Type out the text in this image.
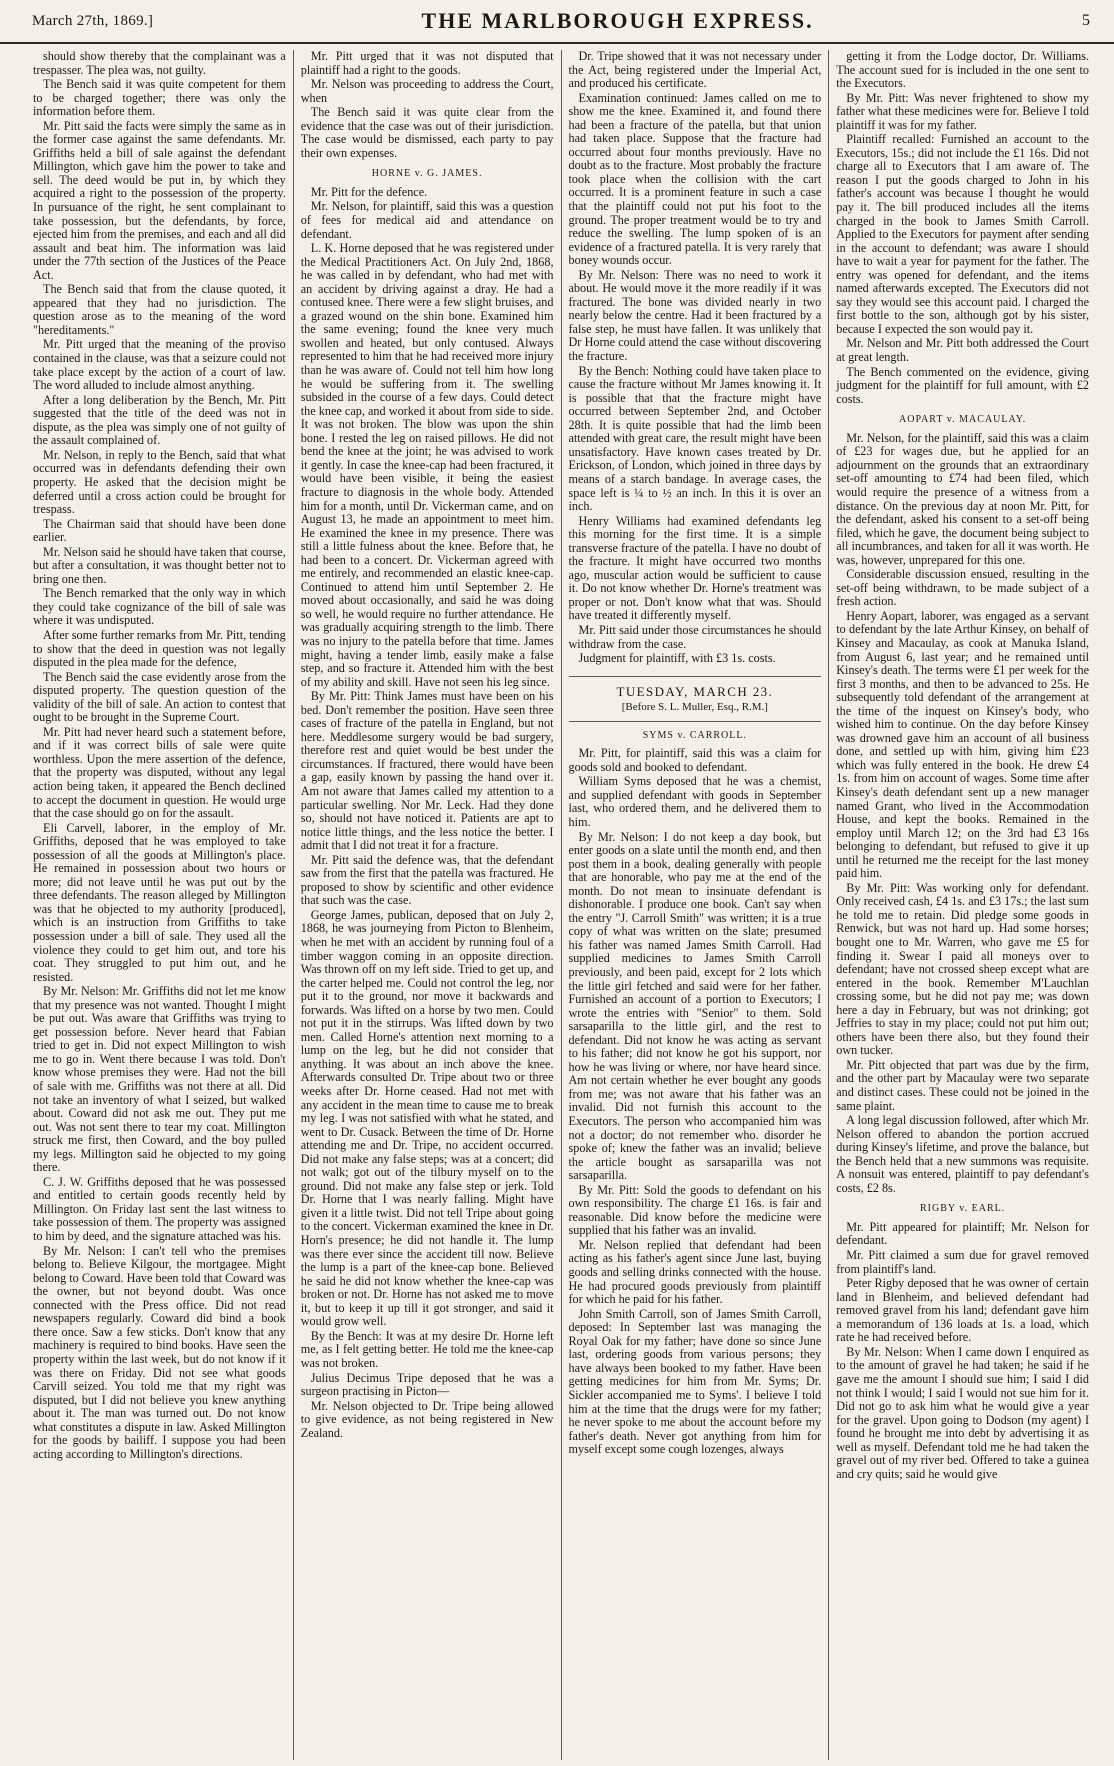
March 27th, 1869.]	THE MARLBOROUGH EXPRESS.	5

should show thereby that the complainant was a trespasser. The plea was, not guilty.

The Bench said it was quite competent for them to be charged together; there was only the information before them.

Mr. Pitt said the facts were simply the same as in the former case against the same defendants. Mr. Griffiths held a bill of sale against the defendant Millington, which gave him the power to take and sell. The deed would be put in, by which they acquired a right to the possession of the property. In pursuance of the right, he sent complainant to take possession, but the defendants, by force, ejected him from the premises, and each and all did assault and beat him. The information was laid under the 77th section of the Justices of the Peace Act.

The Bench said that from the clause quoted, it appeared that they had no jurisdiction. The question arose as to the meaning of the word "hereditaments."

Mr. Pitt urged that the meaning of the proviso contained in the clause, was that a seizure could not take place except by the action of a court of law. The word alluded to include almost anything.

After a long deliberation by the Bench, Mr. Pitt suggested that the title of the deed was not in dispute, as the plea was simply one of not guilty of the assault complained of.

Mr. Nelson, in reply to the Bench, said that what occurred was in defendants defending their own property. He asked that the decision might be deferred until a cross action could be brought for trespass.

The Chairman said that should have been done earlier.

Mr. Nelson said he should have taken that course, but after a consultation, it was thought better not to bring one then.

The Bench remarked that the only way in which they could take cognizance of the bill of sale was where it was undisputed.

After some further remarks from Mr. Pitt, tending to show that the deed in question was not legally disputed in the plea made for the defence,

The Bench said the case evidently arose from the disputed property. The question question of the validity of the bill of sale. An action to contest that ought to be brought in the Supreme Court.

Mr. Pitt had never heard such a statement before, and if it was correct bills of sale were quite worthless. Upon the mere assertion of the defence, that the property was disputed, without any legal action being taken, it appeared the Bench declined to accept the document in question. He would urge that the case should go on for the assault.

Eli Carvell, laborer, in the employ of Mr. Griffiths, deposed that he was employed to take possession of all the goods at Millington's place. He remained in possession about two hours or more; did not leave until he was put out by the three defendants. The reason alleged by Millington was that he objected to my authority [produced], which is an instruction from Griffiths to take possession under a bill of sale. They used all the violence they could to get him out, and tore his coat. They struggled to put him out, and he resisted.

By Mr. Nelson: Mr. Griffiths did not let me know that my presence was not wanted. Thought I might be put out. Was aware that Griffiths was trying to get possession before. Never heard that Fabian tried to get in. Did not expect Millington to wish me to go in. Went there because I was told. Don't know whose premises they were. Had not the bill of sale with me. Griffiths was not there at all. Did not take an inventory of what I seized, but walked about. Coward did not ask me out. They put me out. Was not sent there to tear my coat. Millington struck me first, then Coward, and the boy pulled my legs. Millington said he objected to my going there.

C. J. W. Griffiths deposed that he was possessed and entitled to certain goods recently held by Millington. On Friday last sent the last witness to take possession of them. The property was assigned to him by deed, and the signature attached was his.

By Mr. Nelson: I can't tell who the premises belong to. Believe Kilgour, the mortgagee. Might belong to Coward. Have been told that Coward was the owner, but not beyond doubt. Was once connected with the Press office. Did not read newspapers regularly. Coward did bind a book there once. Saw a few sticks. Don't know that any machinery is required to bind books. Have seen the property within the last week, but do not know if it was there on Friday. Did not see what goods Carvill seized. You told me that my right was disputed, but I did not believe you knew anything about it. The man was turned out. Do not know what constitutes a dispute in law. Asked Millington for the goods by bailiff. I suppose you had been acting according to Millington's directions.

Mr. Pitt urged that it was not disputed that plaintiff had a right to the goods.

Mr. Nelson was proceeding to address the Court, when

The Bench said it was quite clear from the evidence that the case was out of their jurisdiction. The case would be dismissed, each party to pay their own expenses.

HORNE v. G. JAMES.

Mr. Pitt for the defence.

Mr. Nelson, for plaintiff, said this was a question of fees for medical aid and attendance on defendant.

L. K. Horne deposed that he was registered under the Medical Practitioners Act. On July 2nd, 1868, he was called in by defendant, who had met with an accident by driving against a dray. He had a contused knee. There were a few slight bruises, and a grazed wound on the shin bone. Examined him the same evening; found the knee very much swollen and heated, but only contused. Always represented to him that he had received more injury than he was aware of. Could not tell him how long he would be suffering from it. The swelling subsided in the course of a few days. Could detect the knee cap, and worked it about from side to side. It was not broken. The blow was upon the shin bone. I rested the leg on raised pillows. He did not bend the knee at the joint; he was advised to work it gently. In case the knee-cap had been fractured, it would have been visible, it being the easiest fracture to diagnosis in the whole body. Attended him for a month, until Dr. Vickerman came, and on August 13, he made an appointment to meet him. He examined the knee in my presence. There was still a little fulness about the knee. Before that, he had been to a concert. Dr. Vickerman agreed with me entirely, and recommended an elastic knee-cap. Continued to attend him until September 2. He moved about occasionally, and said he was doing so well, he would require no further attendance. He was gradually acquiring strength to the limb. There was no injury to the patella before that time. James might, having a tender limb, easily make a false step, and so fracture it. Attended him with the best of my ability and skill. Have not seen his leg since.

By Mr. Pitt: Think James must have been on his bed. Don't remember the position. Have seen three cases of fracture of the patella in England, but not here. Meddlesome surgery would be bad surgery, therefore rest and quiet would be best under the circumstances. If fractured, there would have been a gap, easily known by passing the hand over it. Am not aware that James called my attention to a particular swelling. Nor Mr. Leck. Had they done so, should not have noticed it. Patients are apt to notice little things, and the less notice the better. I admit that I did not treat it for a fracture.

Mr. Pitt said the defence was, that the defendant saw from the first that the patella was fractured. He proposed to show by scientific and other evidence that such was the case.

George James, publican, deposed that on July 2, 1868, he was journeying from Picton to Blenheim, when he met with an accident by running foul of a timber waggon coming in an opposite direction. Was thrown off on my left side. Tried to get up, and the carter helped me. Could not control the leg, nor put it to the ground, nor move it backwards and forwards. Was lifted on a horse by two men. Could not put it in the stirrups. Was lifted down by two men. Called Horne's attention next morning to a lump on the leg, but he did not consider that anything. It was about an inch above the knee. Afterwards consulted Dr. Tripe about two or three weeks after Dr. Horne ceased. Had not met with any accident in the mean time to cause me to break my leg. I was not satisfied with what he stated, and went to Dr. Cusack. Between the time of Dr. Horne attending me and Dr. Tripe, no accident occurred. Did not make any false steps; was at a concert; did not walk; got out of the tilbury myself on to the ground. Did not make any false step or jerk. Told Dr. Horne that I was nearly falling. Might have given it a little twist. Did not tell Tripe about going to the concert. Vickerman examined the knee in Dr. Horn's presence; he did not handle it. The lump was there ever since the accident till now. Believe the lump is a part of the knee-cap bone. Believed he said he did not know whether the knee-cap was broken or not. Dr. Horne has not asked me to move it, but to keep it up till it got stronger, and said it would grow well.

By the Bench: It was at my desire Dr. Horne left me, as I felt getting better. He told me the knee-cap was not broken.

Julius Decimus Tripe deposed that he was a surgeon practising in Picton—

Mr. Nelson objected to Dr. Tripe being allowed to give evidence, as not being registered in New Zealand.

Dr. Tripe showed that it was not necessary under the Act, being registered under the Imperial Act, and produced his certificate.

Examination continued: James called on me to show me the knee. Examined it, and found there had been a fracture of the patella, but that union had taken place. Suppose that the fracture had occurred about four months previously. Have no doubt as to the fracture. Most probably the fracture took place when the collision with the cart occurred. It is a prominent feature in such a case that the plaintiff could not put his foot to the ground. The proper treatment would be to try and reduce the swelling. The lump spoken of is an evidence of a fractured patella. It is very rarely that boney wounds occur.

By Mr. Nelson: There was no need to work it about. He would move it the more readily if it was fractured. The bone was divided nearly in two nearly below the centre. Had it been fractured by a false step, he must have fallen. It was unlikely that Dr Horne could attend the case without discovering the fracture.

By the Bench: Nothing could have taken place to cause the fracture without Mr James knowing it. It is possible that that the fracture might have occurred between September 2nd, and October 28th. It is quite possible that had the limb been attended with great care, the result might have been unsatisfactory. Have known cases treated by Dr. Erickson, of London, which joined in three days by means of a starch bandage. In average cases, the space left is ¼ to ½ an inch. In this it is over an inch.

Henry Williams had examined defendants leg this morning for the first time. It is a simple transverse fracture of the patella. I have no doubt of the fracture. It might have occurred two months ago, muscular action would be sufficient to cause it. Do not know whether Dr. Horne's treatment was proper or not. Don't know what that was. Should have treated it differently myself.

Mr. Pitt said under those circumstances he should withdraw from the case.

Judgment for plaintiff, with £3 1s. costs.

TUESDAY, MARCH 23.

[Before S. L. Muller, Esq., R.M.]

SYMS v. CARROLL.

Mr. Pitt, for plaintiff, said this was a claim for goods sold and booked to defendant.

William Syms deposed that he was a chemist, and supplied defendant with goods in September last, who ordered them, and he delivered them to him.

By Mr. Nelson: I do not keep a day book, but enter goods on a slate until the month end, and then post them in a book, dealing generally with people that are honorable, who pay me at the end of the month. Do not mean to insinuate defendant is dishonorable. I produce one book. Can't say when the entry "J. Carroll Smith" was written; it is a true copy of what was written on the slate; presumed his father was named James Smith Carroll. Had supplied medicines to James Smith Carroll previously, and been paid, except for 2 lots which the little girl fetched and said were for her father. Furnished an account of a portion to Executors; I wrote the entries with "Senior" to them. Sold sarsaparilla to the little girl, and the rest to defendant. Did not know he was acting as servant to his father; did not know he got his support, nor how he was living or where, nor have heard since. Am not certain whether he ever bought any goods from me; was not aware that his father was an invalid. Did not furnish this account to the Executors. The person who accompanied him was not a doctor; do not remember who. disorder he spoke of; knew the father was an invalid; believe the article bought as sarsaparilla was not sarsaparilla.

By Mr. Pitt: Sold the goods to defendant on his own responsibility. The charge £1 16s. is fair and reasonable. Did know before the medicine were supplied that his father was an invalid.

Mr. Nelson replied that defendant had been acting as his father's agent since June last, buying goods and selling drinks connected with the house. He had procured goods previously from plaintiff for which he paid for his father.

John Smith Carroll, son of James Smith Carroll, deposed: In September last was managing the Royal Oak for my father; have done so since June last, ordering goods from various persons; they have always been booked to my father. Have been getting medicines for him from Mr. Syms; Dr. Sickler accompanied me to Syms'. I believe I told him at the time that the drugs were for my father; he never spoke to me about the account before my father's death. Never got anything from him for myself except some cough lozenges, always

getting it from the Lodge doctor, Dr. Williams. The account sued for is included in the one sent to the Executors.

By Mr. Pitt: Was never frightened to show my father what these medicines were for. Believe I told plaintiff it was for my father.

Plaintiff recalled: Furnished an account to the Executors, 15s.; did not include the £1 16s. Did not charge all to Executors that I am aware of. The reason I put the goods charged to John in his father's account was because I thought he would pay it. The bill produced includes all the items charged in the book to James Smith Carroll. Applied to the Executors for payment after sending in the account to defendant; was aware I should have to wait a year for payment for the father. The entry was opened for defendant, and the items named afterwards excepted. The Executors did not say they would see this account paid. I charged the first bottle to the son, although got by his sister, because I expected the son would pay it.

Mr. Nelson and Mr. Pitt both addressed the Court at great length.

The Bench commented on the evidence, giving judgment for the plaintiff for full amount, with £2 costs.

AOPART v. MACAULAY.

Mr. Nelson, for the plaintiff, said this was a claim of £23 for wages due, but he applied for an adjournment on the grounds that an extraordinary set-off amounting to £74 had been filed, which would require the presence of a witness from a distance. On the previous day at noon Mr. Pitt, for the defendant, asked his consent to a set-off being filed, which he gave, the document being subject to all incumbrances, and taken for all it was worth. He was, however, unprepared for this one.

Considerable discussion ensued, resulting in the set-off being withdrawn, to be made subject of a fresh action.

Henry Aopart, laborer, was engaged as a servant to defendant by the late Arthur Kinsey, on behalf of Kinsey and Macaulay, as cook at Manuka Island, from August 6, last year; and he remained until Kinsey's death. The terms were £1 per week for the first 3 months, and then to be advanced to 25s. He subsequently told defendant of the arrangement at the time of the inquest on Kinsey's body, who wished him to continue. On the day before Kinsey was drowned gave him an account of all business done, and settled up with him, giving him £23 which was fully entered in the book. He drew £4 1s. from him on account of wages. Some time after Kinsey's death defendant sent up a new manager named Grant, who lived in the Accommodation House, and kept the books. Remained in the employ until March 12; on the 3rd had £3 16s belonging to defendant, but refused to give it up until he returned me the receipt for the last money paid him.

By Mr. Pitt: Was working only for defendant. Only received cash, £4 1s. and £3 17s.; the last sum he told me to retain. Did pledge some goods in Renwick, but was not hard up. Had some horses; bought one to Mr. Warren, who gave me £5 for finding it. Swear I paid all moneys over to defendant; have not crossed sheep except what are entered in the book. Remember M'Lauchlan crossing some, but he did not pay me; was down here a day in February, but was not drinking; got Jeffries to stay in my place; could not put him out; others have been there also, but they found their own tucker.

Mr. Pitt objected that part was due by the firm, and the other part by Macaulay were two separate and distinct cases. These could not be joined in the same plaint.

A long legal discussion followed, after which Mr. Nelson offered to abandon the portion accrued during Kinsey's lifetime, and prove the balance, but the Bench held that a new summons was requisite. A nonsuit was entered, plaintiff to pay defendant's costs, £2 8s.

RIGBY v. EARL.

Mr. Pitt appeared for plaintiff; Mr. Nelson for defendant.

Mr. Pitt claimed a sum due for gravel removed from plaintiff's land.

Peter Rigby deposed that he was owner of certain land in Blenheim, and believed defendant had removed gravel from his land; defendant gave him a memorandum of 136 loads at 1s. a load, which rate he had received before.

By Mr. Nelson: When I came down I enquired as to the amount of gravel he had taken; he said if he gave me the amount I should sue him; I said I did not think I would; I said I would not sue him for it. Did not go to ask him what he would give a year for the gravel. Upon going to Dodson (my agent) I found he brought me into debt by advertising it as well as myself. Defendant told me he had taken the gravel out of my river bed. Offered to take a guinea and cry quits; said he would give
